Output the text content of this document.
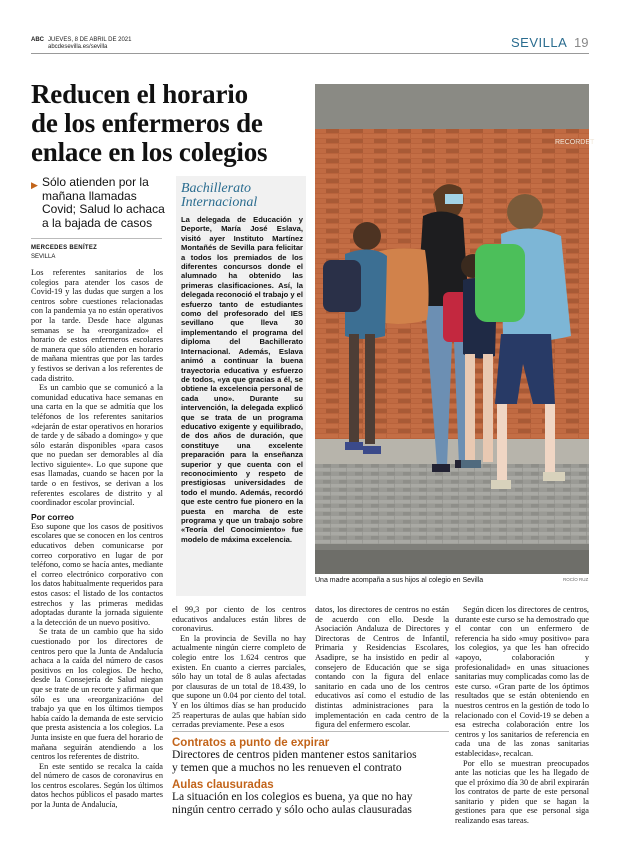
ABC JUEVES, 8 DE ABRIL DE 2021
abcdesevilla.es/sevilla	SEVILLA 19
Reducen el horario
de los enfermeros de
enlace en los colegios
▶ Sólo atienden por la
mañana llamadas
Covid; Salud lo achaca
a la bajada de casos
MERCEDES BENÍTEZ
SEVILLA

Los referentes sanitarios de los colegios para atender los casos de Covid-19 y las dudas que surgen a los centros sobre cuestiones relacionadas con la pandemia ya no están operativos por la tarde. Desde hace algunas semanas se ha «reorganizado» el horario de estos enfermeros escolares de manera que sólo atienden en horario de mañana mientras que por las tardes y festivos se derivan a los referentes de cada distrito.

Es un cambio que se comunicó a la comunidad educativa hace semanas en una carta en la que se admitía que los teléfonos de los referentes sanitarios «dejarán de estar operativos en horarios de tarde y de sábado a domingo» y que sólo estarán disponibles «para casos que no puedan ser demorables al día lectivo siguiente». Lo que supone que esas llamadas, cuando se hacen por la tarde o en festivos, se derivan a los referentes escolares de distrito y al coordinador escolar provincial.

Por correo

Eso supone que los casos de positivos escolares que se conocen en los centros educativos deben comunicarse por correo corporativo en lugar de por teléfono, como se hacía antes, mediante el correo electrónico corporativo con los datos habitualmente requeridos para estos casos: el listado de los contactos estrechos y las primeras medidas adoptadas durante la jornada siguiente a la detección de un nuevo positivo.

Se trata de un cambio que ha sido cuestionado por los directores de centros pero que la Junta de Andalucía achaca a la caída del número de casos positivos en los colegios. De hecho, desde la Consejería de Salud niegan que se trate de un recorte y afirman que sólo es una «reorganización» del trabajo ya que en los últimos tiempos había caído la demanda de este servicio que presta asistencia a los colegios. La Junta insiste en que fuera del horario de mañana seguirán atendiendo a los centros los referentes de distrito.

En este sentido se recalca la caída del número de casos de coronavirus en los centros escolares. Según los últimos datos hechos públicos el pasado martes por la Junta de Andalucía,

Bachillerato
Internacional

La delegada de Educación y Deporte, María José Eslava, visitó ayer Instituto Martínez Montañés de Sevilla para felicitar a todos los premiados de los diferentes concursos donde el alumnado ha obtenido las primeras clasificaciones. Así, la delegada reconoció el trabajo y el esfuerzo tanto de estudiantes como del profesorado del IES sevillano que lleva 30 implementando el programa del diploma del Bachillerato Internacional. Además, Eslava animó a continuar la buena trayectoria educativa y esfuerzo de todos, «ya que gracias a él, se obtiene la excelencia personal de cada uno». Durante su intervención, la delegada explicó que se trata de un programa educativo exigente y equilibrado, de dos años de duración, que constituye una excelente preparación para la enseñanza superior y que cuenta con el reconocimiento y respeto de prestigiosas universidades de todo el mundo. Además, recordó que este centro fue pionero en la puesta en marcha de este programa y que un trabajo sobre «Teoría del Conocimiento» fue modelo de máxima excelencia.

RECORDET
Una madre acompaña a sus hijos al colegio en Sevilla	ROCÍO RUZ

el 99,3 por ciento de los centros educativos andaluces están libres de coronavirus.

En la provincia de Sevilla no hay actualmente ningún cierre completo de colegio entre los 1.624 centros que existen. En cuanto a cierres parciales, sólo hay un total de 8 aulas afectadas por clausuras de un total de 18.439, lo que supone un 0.04 por ciento del total. Y en los últimos días se han producido 25 reaperturas de aulas que habían sido cerradas previamente. Pese a esos

datos, los directores de centros no están de acuerdo con ello. Desde la Asociación Andaluza de Directores y Directoras de Centros de Infantil, Primaria y Residencias Escolares, Asadipre, se ha insistido en pedir al consejero de Educación que se siga contando con la figura del enlace sanitario en cada uno de los centros educativos así como el estudio de las distintas administraciones para la implementación en cada centro de la figura del enfermero escolar.

Según dicen los directores de centros, durante este curso se ha demostrado que el contar con un enfermero de referencia ha sido «muy positivo» para los colegios, ya que les han ofrecido «apoyo, colaboración y profesionalidad» en unas situaciones sanitarias muy complicadas como las de este curso. «Gran parte de los óptimos resultados que se están obteniendo en nuestros centros en la gestión de todo lo relacionado con el Covid-19 se deben a esa estrecha colaboración entre los centros y los sanitarios de referencia en cada una de las zonas sanitarias establecidas», recalcan.

Por ello se muestran preocupados ante las noticias que les ha llegado de que el próximo día 30 de abril expirarán los contratos de parte de este personal sanitario y piden que se hagan la gestiones para que ese personal siga realizando esas tareas.

Contratos a punto de expirar
Directores de centros piden mantener estos sanitarios
y temen que a muchos no les renueven el contrato
Aulas clausuradas
La situación en los colegios es buena, ya que no hay
ningún centro cerrado y sólo ocho aulas clausuradas
